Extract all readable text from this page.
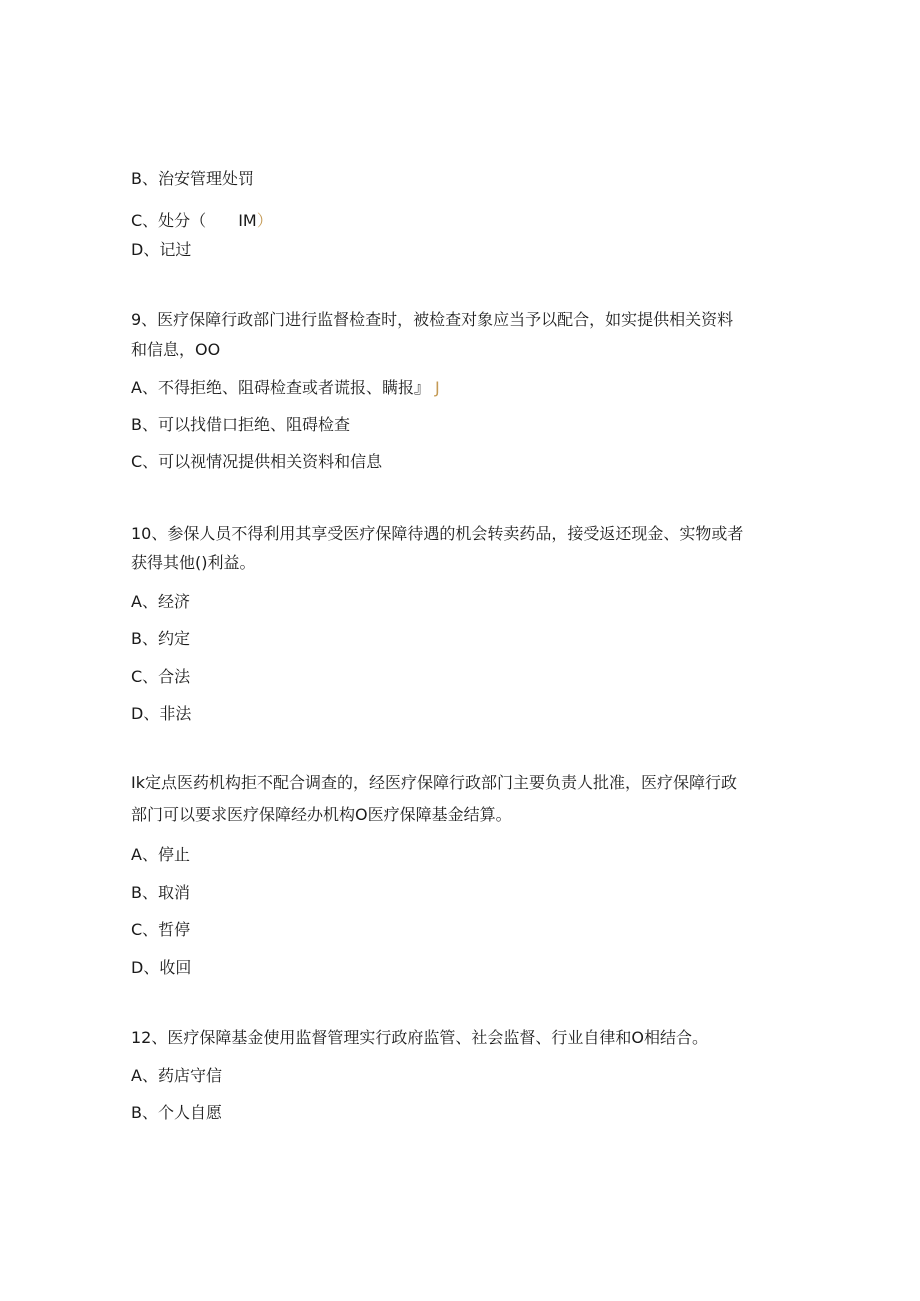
B、治安管理处罚
C、处分（ IM）
D、记过
9、医疗保障行政部门进行监督检查时，被检查对象应当予以配合，如实提供相关资料
和信息，OO
A、不得拒绝、阻碍检查或者谎报、瞒报』 J
B、可以找借口拒绝、阻碍检查
C、可以视情况提供相关资料和信息
10、参保人员不得利用其享受医疗保障待遇的机会转卖药品，接受返还现金、实物或者
获得其他()利益。
A、经济
B、约定
C、合法
D、非法
Ik定点医药机构拒不配合调查的，经医疗保障行政部门主要负责人批准，医疗保障行政
部门可以要求医疗保障经办机构O医疗保障基金结算。
A、停止
B、取消
C、哲停
D、收回
12、医疗保障基金使用监督管理实行政府监管、社会监督、行业自律和O相结合。
A、药店守信
B、个人自愿
